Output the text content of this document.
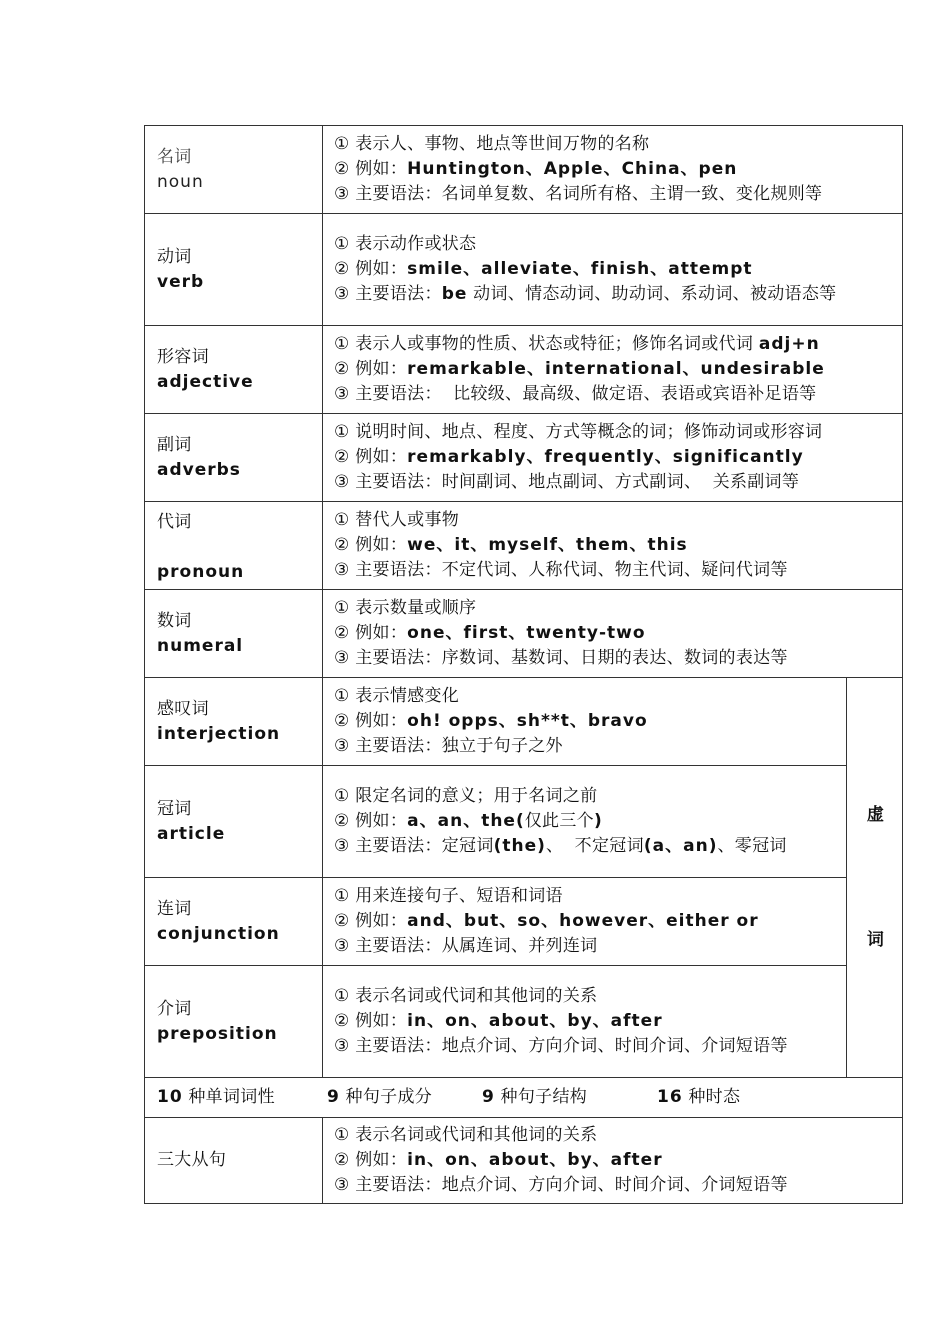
名词
noun	① 表示人、事物、地点等世间万物的名称
② 例如：Huntington、Apple、China、pen
③ 主要语法：名词单复数、名词所有格、主谓一致、变化规则等	

动词
verb	① 表示动作或状态
② 例如：smile、alleviate、finish、attempt
③ 主要语法：be 动词、情态动词、助动词、系动词、被动语态等	

形容词
adjective	① 表示人或事物的性质、状态或特征；修饰名词或代词 adj+n
② 例如：remarkable、international、undesirable
③ 主要语法：  比较级、最高级、做定语、表语或宾语补足语等	

副词
adverbs	① 说明时间、地点、程度、方式等概念的词；修饰动词或形容词
② 例如：remarkably、frequently、significantly
③ 主要语法：时间副词、地点副词、方式副词、  关系副词等	

代词

pronoun	① 替代人或事物
② 例如：we、it、myself、them、this
③ 主要语法：不定代词、人称代词、物主代词、疑问代词等	

数词
numeral	① 表示数量或顺序
② 例如：one、first、twenty-two
③ 主要语法：序数词、基数词、日期的表达、数词的表达等	

感叹词
interjection	① 表示情感变化
② 例如：oh! opps、sh**t、bravo
③ 主要语法：独立于句子之外	虚
词

冠词
article	① 限定名词的意义；用于名词之前
② 例如：a、an、the(仅此三个)
③ 主要语法：定冠词(the)、  不定冠词(a、an)、零冠词	

连词
conjunction	① 用来连接句子、短语和词语
② 例如：and、but、so、however、either or
③ 主要语法：从属连词、并列连词	

介词
preposition	① 表示名词或代词和其他词的关系
② 例如：in、on、about、by、after
③ 主要语法：地点介词、方向介词、时间介词、介词短语等	

10 种单词词性 9 种句子成分 9 种句子结构 16 种时态		

三大从句	① 表示名词或代词和其他词的关系
② 例如：in、on、about、by、after
③ 主要语法：地点介词、方向介词、时间介词、介词短语等	
